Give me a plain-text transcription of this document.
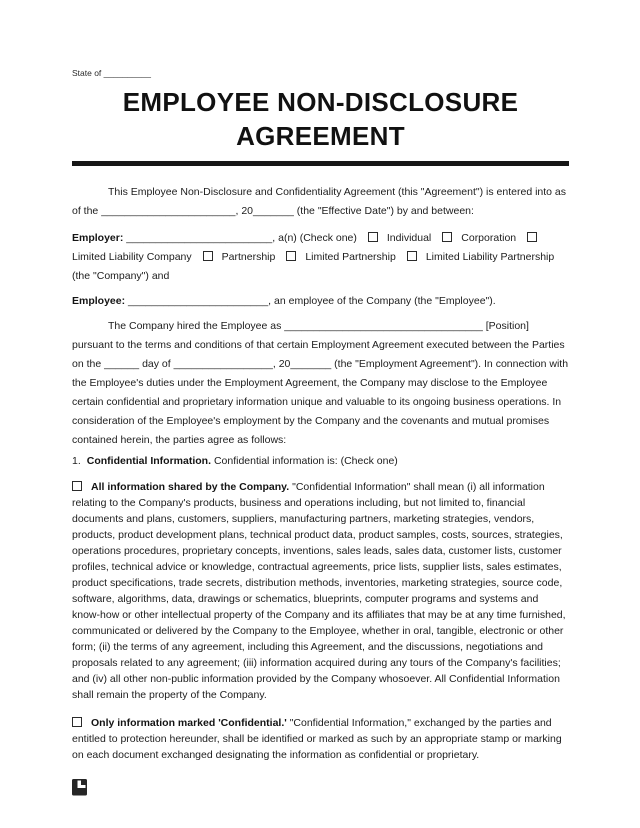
State of __________
EMPLOYEE NON-DISCLOSURE
AGREEMENT

This Employee Non-Disclosure and Confidentiality Agreement (this "Agreement") is entered into as of the _______________________, 20_______ (the "Effective Date") by and between:

Employer: _________________________, a(n) (Check one)	Individual	CorporationLimited Liability Company	Partnership	Limited Partnership	Limited Liability Partnership (the "Company") and

Employee: ________________________, an employee of the Company (the "Employee").

The Company hired the Employee as __________________________________ [Position] pursuant to the terms and conditions of that certain Employment Agreement executed between the Parties on the ______ day of _________________, 20_______ (the "Employment Agreement"). In connection with the Employee's duties under the Employment Agreement, the Company may disclose to the Employee certain confidential and proprietary information unique and valuable to its ongoing business operations. In consideration of the Employee's employment by the Company and the covenants and mutual promises contained herein, the parties agree as follows:

1. Confidential Information. Confidential information is: (Check one)

All information shared by the Company. "Confidential Information" shall mean (i) all information relating to the Company's products, business and operations including, but not limited to, financial documents and plans, customers, suppliers, manufacturing partners, marketing strategies, vendors, products, product development plans, technical product data, product samples, costs, sources, strategies, operations procedures, proprietary concepts, inventions, sales leads, sales data, customer lists, customer profiles, technical advice or knowledge, contractual agreements, price lists, supplier lists, sales estimates, product specifications, trade secrets, distribution methods, inventories, marketing strategies, source code, software, algorithms, data, drawings or schematics, blueprints, computer programs and systems and know-how or other intellectual property of the Company and its affiliates that may be at any time furnished, communicated or delivered by the Company to the Employee, whether in oral, tangible, electronic or other form; (ii) the terms of any agreement, including this Agreement, and the discussions, negotiations and proposals related to any agreement; (iii) information acquired during any tours of the Company's facilities; and (iv) all other non-public information provided by the Company whosoever. All Confidential Information shall remain the property of the Company.

Only information marked 'Confidential.' "Confidential Information," exchanged by the parties and entitled to protection hereunder, shall be identified or marked as such by an appropriate stamp or marking on each document exchanged designating the information as confidential or proprietary.
